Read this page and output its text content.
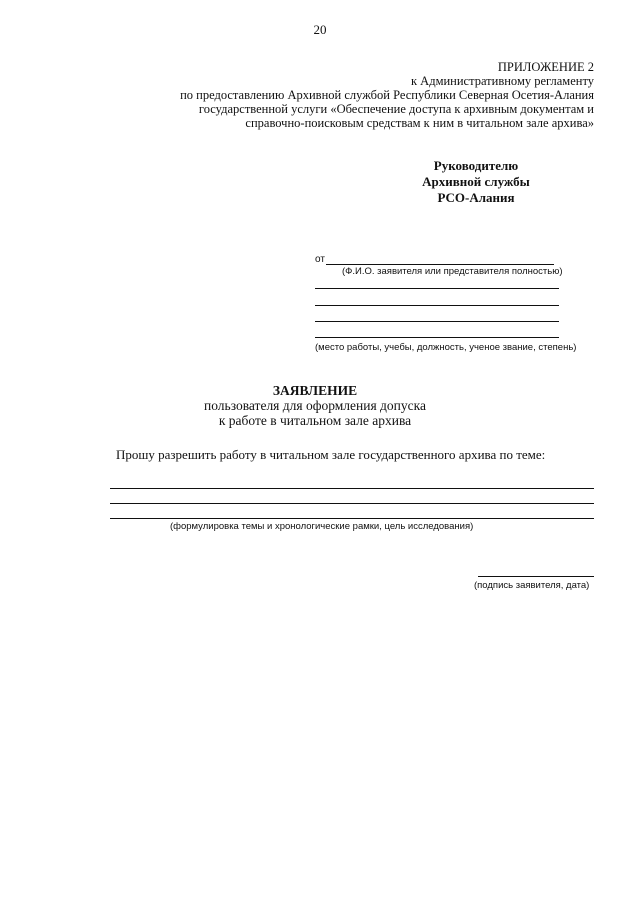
20
ПРИЛОЖЕНИЕ 2
к Административному регламенту
по предоставлению Архивной службой Республики Северная Осетия-Алания
государственной услуги «Обеспечение доступа к архивным документам и
справочно-поисковым средствам к ним в читальном зале архива»
Руководителю
Архивной службы
РСО-Алания
от
(Ф.И.О. заявителя или представителя полностью)
(место работы, учебы, должность, ученое звание, степень)
ЗАЯВЛЕНИЕ
пользователя для оформления допуска
к работе в читальном зале архива
Прошу разрешить работу в читальном зале государственного архива по теме:
(формулировка темы и хронологические рамки, цель исследования)
(подпись заявителя, дата)
